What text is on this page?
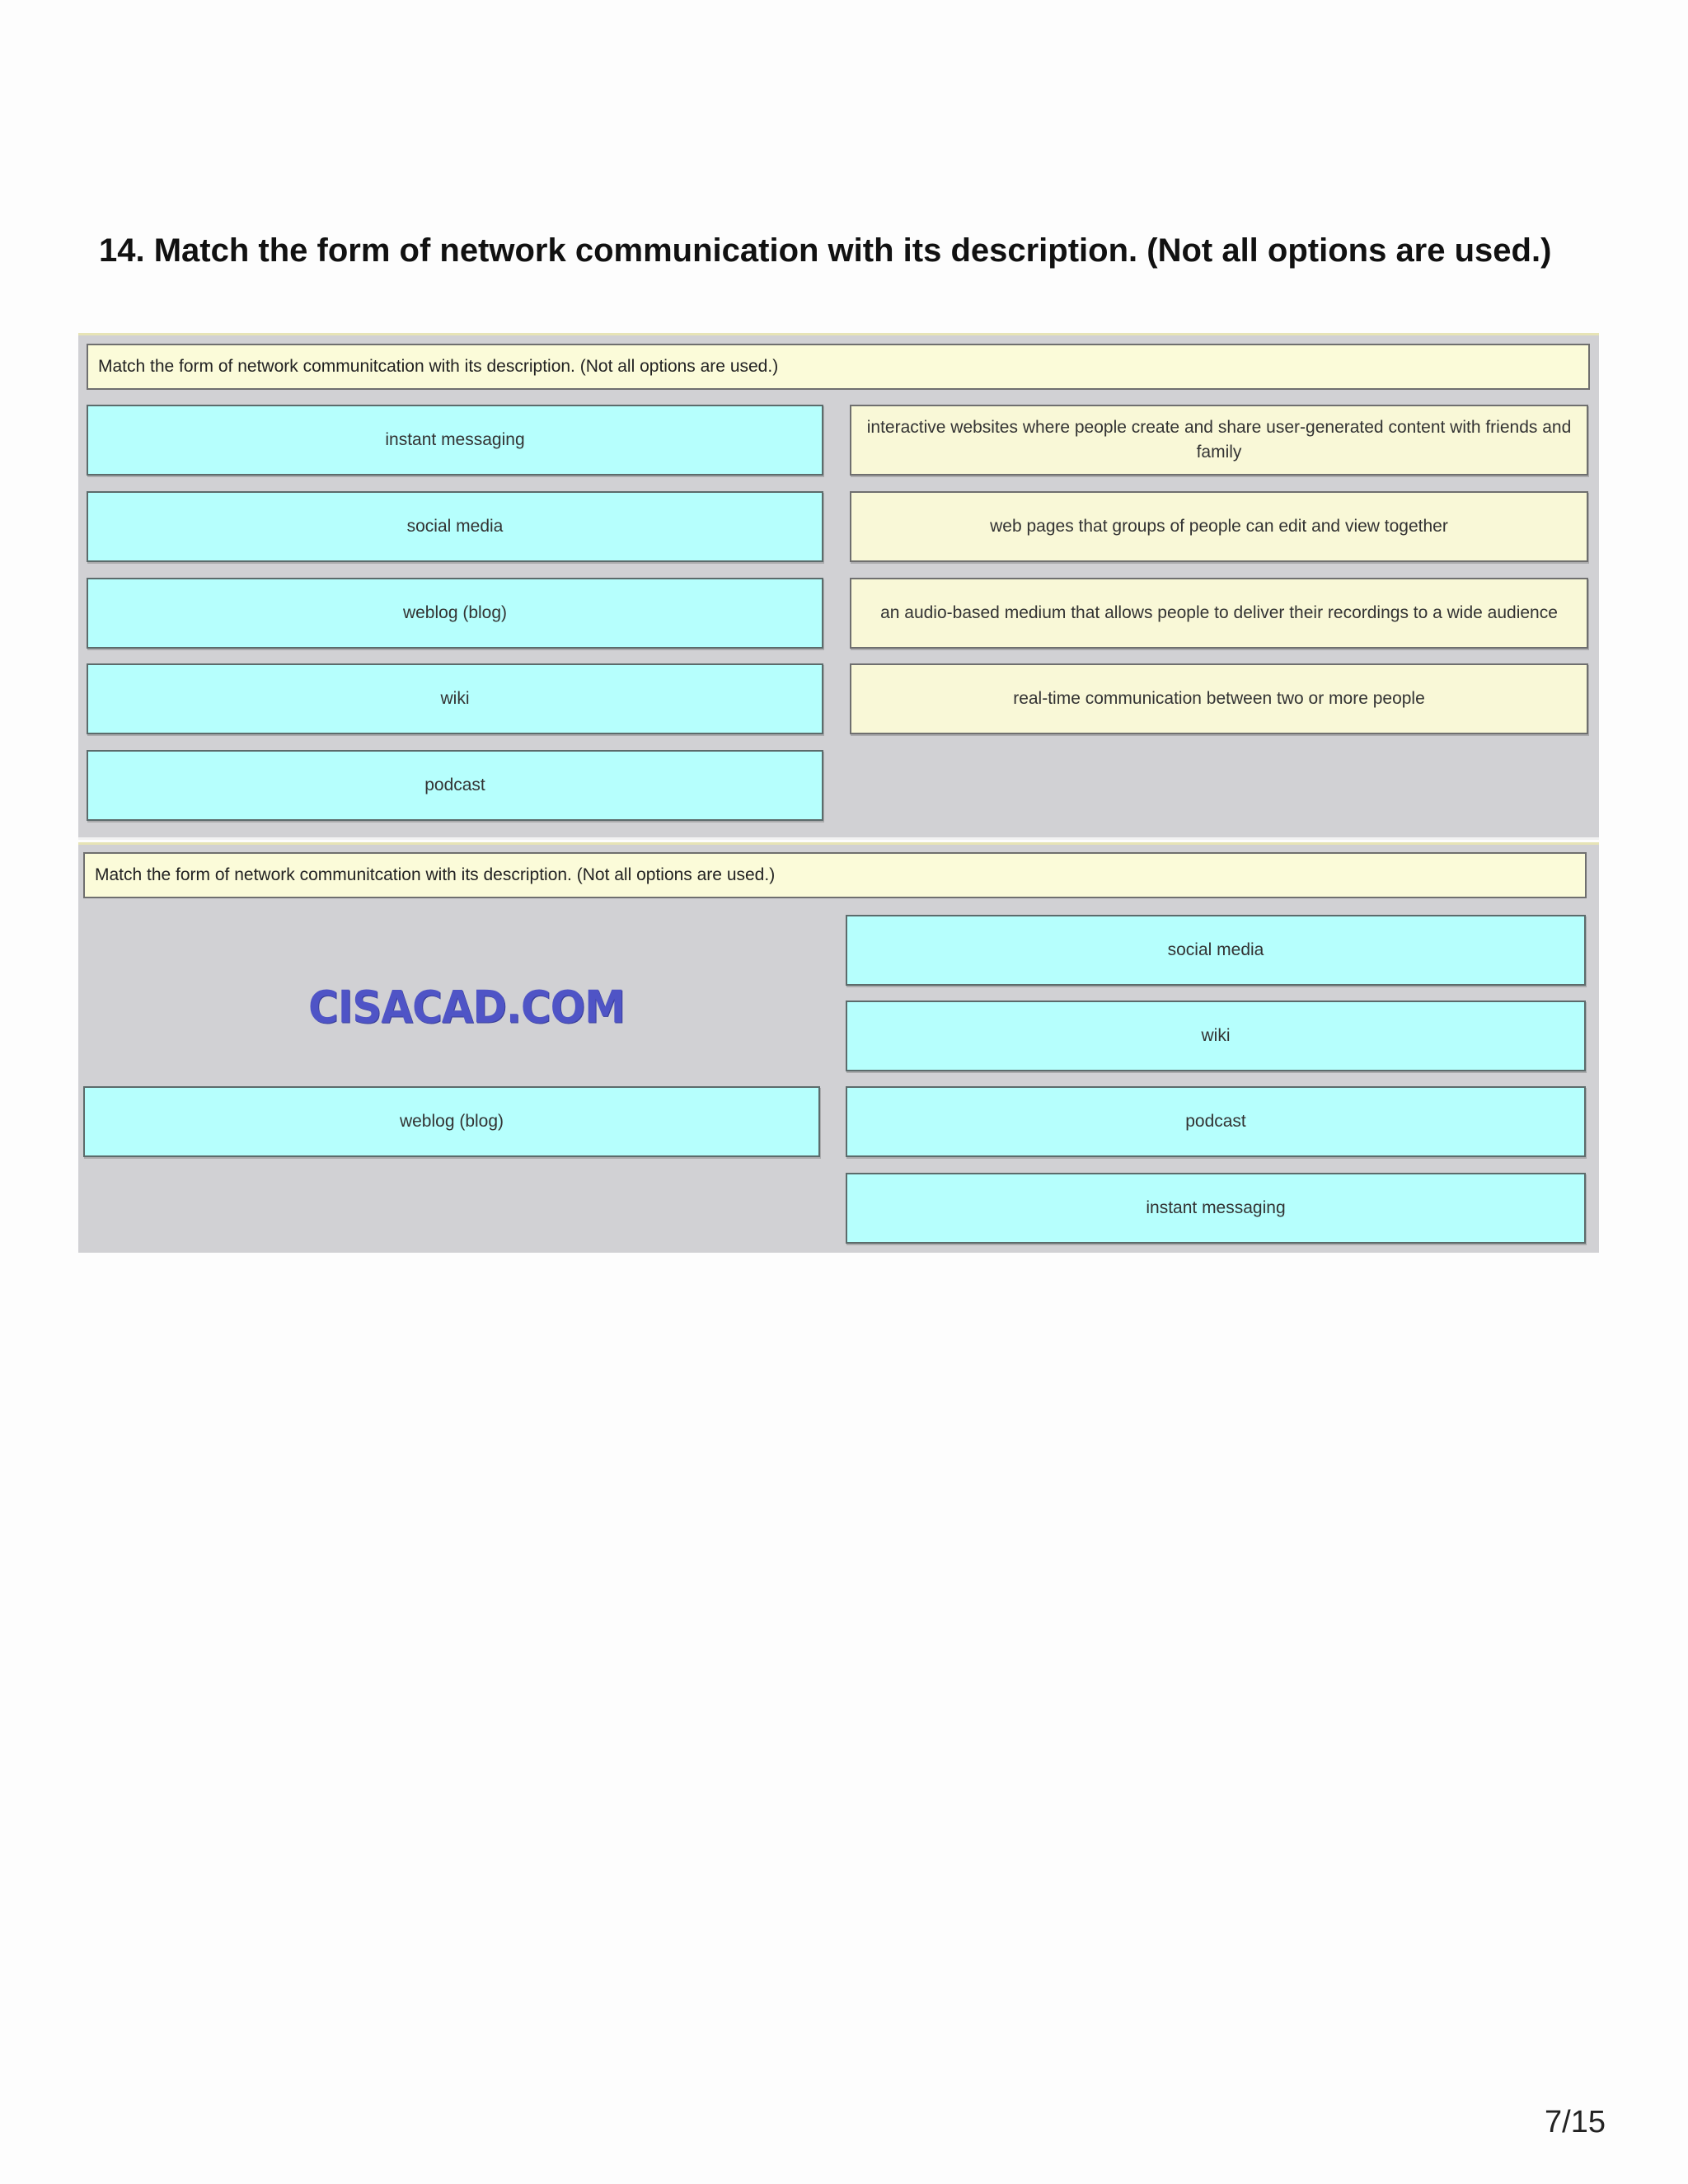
14. Match the form of network communication with its description. (Not all options are used.)
Match the form of network communitcation with its description. (Not all options are used.)
instant messaging
social media
weblog (blog)
wiki
podcast
interactive websites where people create and share user-generated content with friends and family
web pages that groups of people can edit and view together
an audio-based medium that allows people to deliver their recordings to a wide audience
real-time communication between two or more people
Match the form of network communitcation with its description. (Not all options are used.)
CISACAD.COM
weblog (blog)
social media
wiki
podcast
instant messaging
7/15
